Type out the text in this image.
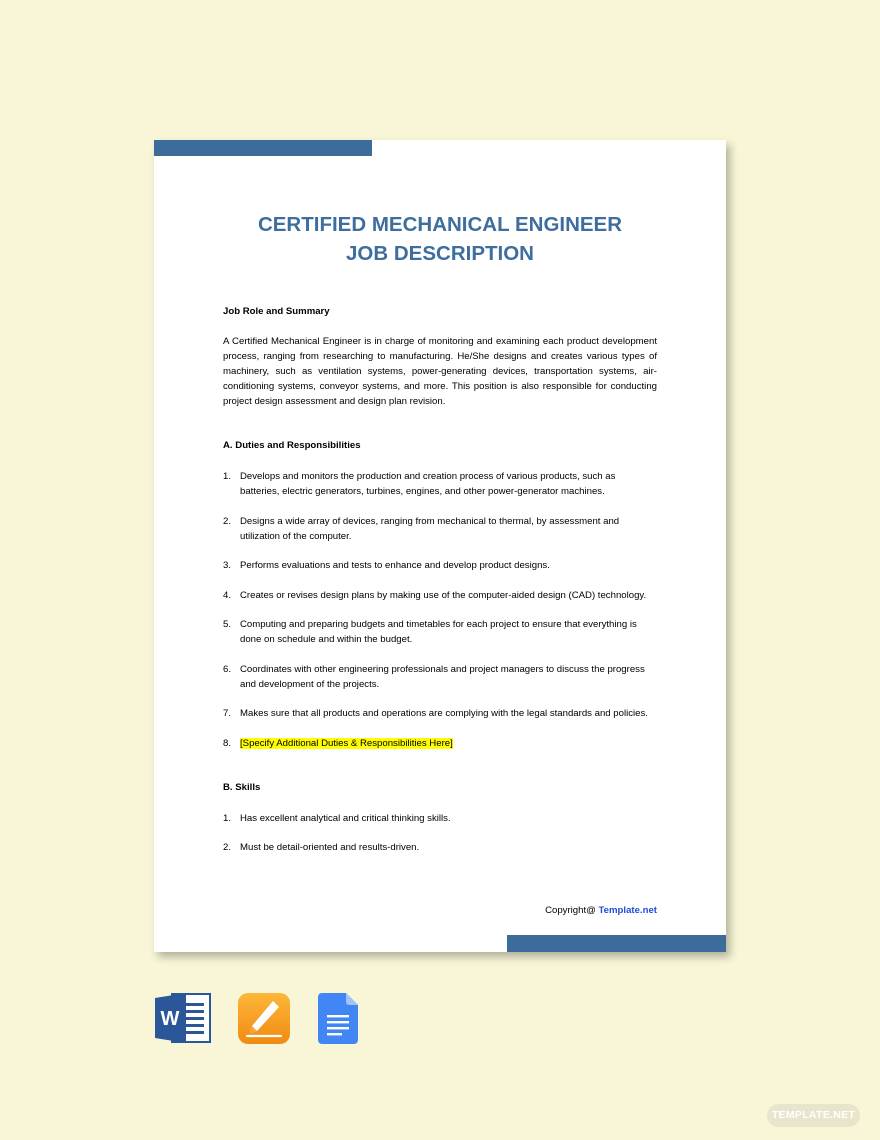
CERTIFIED MECHANICAL ENGINEER
JOB DESCRIPTION

Job Role and Summary

A Certified Mechanical Engineer is in charge of monitoring and examining each product development process, ranging from researching to manufacturing. He/She designs and creates various types of machinery, such as ventilation systems, power-generating devices, transportation systems, air-conditioning systems, conveyor systems, and more. This position is also responsible for conducting project design assessment and design plan revision.

A. Duties and Responsibilities

1. Develops and monitors the production and creation process of various products, such as batteries, electric generators, turbines, engines, and other power-generator machines.
2. Designs a wide array of devices, ranging from mechanical to thermal, by assessment and utilization of the computer.
3. Performs evaluations and tests to enhance and develop product designs.
4. Creates or revises design plans by making use of the computer-aided design (CAD) technology.
5. Computing and preparing budgets and timetables for each project to ensure that everything is done on schedule and within the budget.
6. Coordinates with other engineering professionals and project managers to discuss the progress and development of the projects.
7. Makes sure that all products and operations are complying with the legal standards and policies.
8. [Specify Additional Duties & Responsibilities Here]

B. Skills

1. Has excellent analytical and critical thinking skills.
2. Must be detail-oriented and results-driven.
Copyright@ Template.net
W
TEMPLATE.NET
